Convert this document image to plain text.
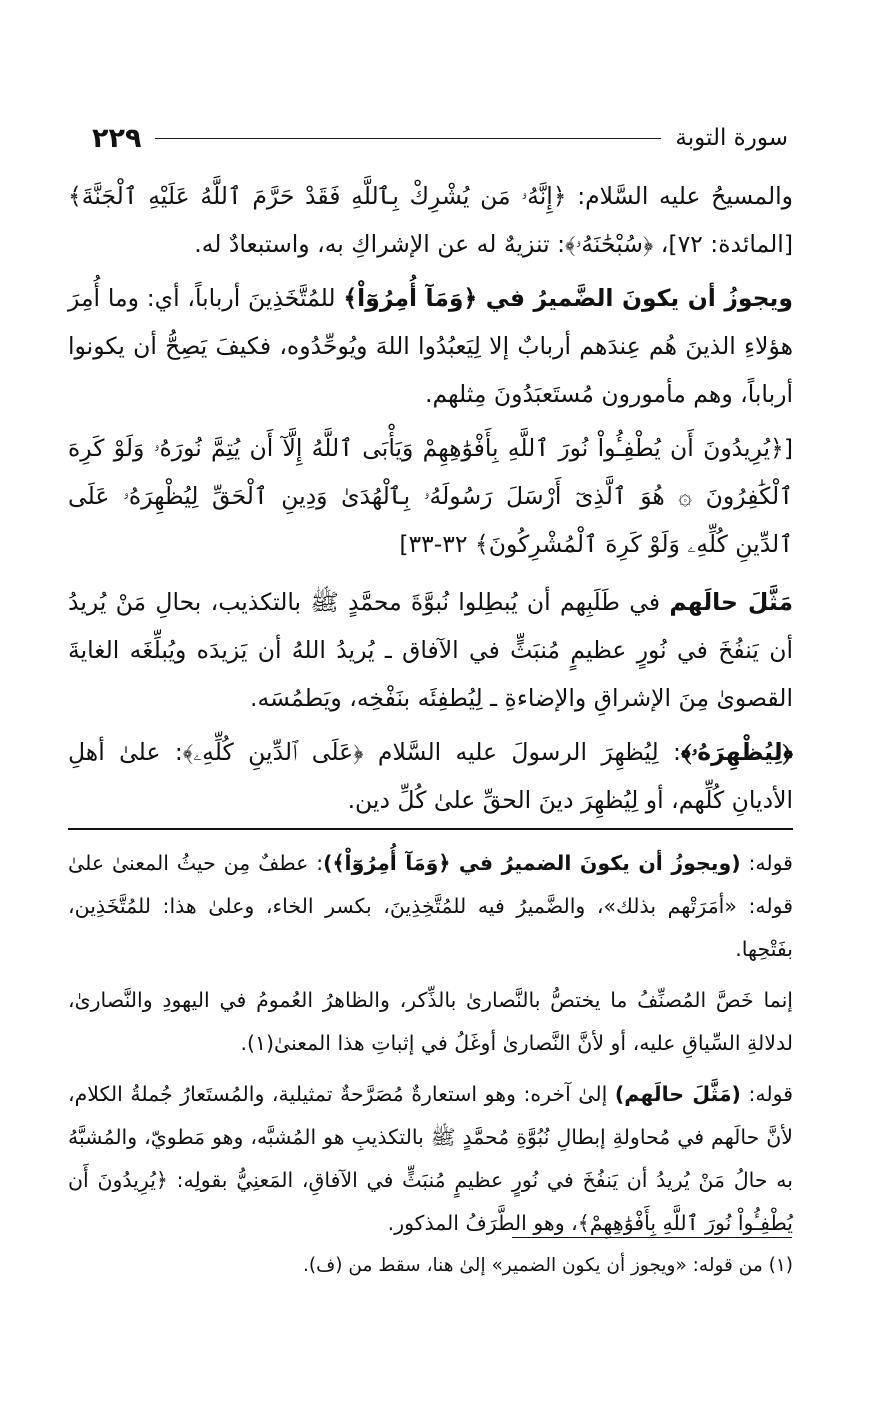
سورة التوبة
٢٢٩

والمسيحُ عليه السَّلام: ﴿إِنَّهُۥ مَن يُشْرِكْ بِٱللَّهِ فَقَدْ حَرَّمَ ٱللَّهُ عَلَيْهِ ٱلْجَنَّةَ﴾ [المائدة: ٧٢]، ﴿سُبْحَٰنَهُۥ﴾: تنزيهٌ له عن الإشراكِ به، واستبعادٌ له.

ويجوزُ أن يكونَ الضَّميرُ في ﴿وَمَآ أُمِرُوٓاْ﴾ للمُتَّخَذِينَ أرباباً، أي: وما أُمِرَ هؤلاءِ الذينَ هُم عِندَهم أربابٌ إلا لِيَعبُدُوا اللهَ ويُوحِّدُوه، فكيفَ يَصِحُّ أن يكونوا أرباباً، وهم مأمورون مُستَعبَدُونَ مِثلهم.

[﴿يُرِيدُونَ أَن يُطْفِـُٔواْ نُورَ ٱللَّهِ بِأَفْوَٰهِهِمْ وَيَأْبَى ٱللَّهُ إِلَّآ أَن يُتِمَّ نُورَهُۥ وَلَوْ كَرِهَ ٱلْكَٰفِرُونَ ۞ هُوَ ٱلَّذِىٓ أَرْسَلَ رَسُولَهُۥ بِٱلْهُدَىٰ وَدِينِ ٱلْحَقِّ لِيُظْهِرَهُۥ عَلَى ٱلدِّينِ كُلِّهِۦ وَلَوْ كَرِهَ ٱلْمُشْرِكُونَ﴾ ٣٢-٣٣]

مَثَّلَ حالَهم في طَلَبِهم أن يُبطِلوا نُبوَّةَ محمَّدٍ ﷺ بالتكذيب، بحالِ مَنْ يُريدُ أن يَنفُخَ في نُورٍ عظيمٍ مُنبَثٍّ في الآفاق ـ يُريدُ اللهُ أن يَزيدَه ويُبلِّغَه الغايةَ القصوىٰ مِنَ الإشراقِ والإضاءةِ ـ لِيُطفِئَه بنَفْخِه، ويَطمُسَه.

﴿لِيُظْهِرَهُۥ﴾: لِيُظهِرَ الرسولَ عليه السَّلام ﴿عَلَى ٱلدِّينِ كُلِّهِۦ﴾: علىٰ أهلِ الأديانِ كُلِّهم، أو لِيُظهِرَ دينَ الحقِّ علىٰ كُلِّ دين.

قوله: (ويجوزُ أن يكونَ الضميرُ في ﴿وَمَآ أُمِرُوٓاْ﴾): عطفٌ مِن حيثُ المعنىٰ علىٰ قوله: «أمَرَتْهم بذلك»، والضَّميرُ فيه للمُتَّخِذِينَ، بكسر الخاء، وعلىٰ هذا: للمُتَّخَذِين، بفَتْحِها.

إنما خَصَّ المُصنِّفُ ما يختصُّ بالنَّصارىٰ بالذِّكر، والظاهرُ العُمومُ في اليهودِ والنَّصارىٰ، لدلالةِ السِّياقِ عليه، أو لأنَّ النَّصارىٰ أوغَلُ في إثباتِ هذا المعنىٰ(١).

قوله: (مَثَّلَ حالَهم) إلىٰ آخره: وهو استعارةٌ مُصَرَّحةٌ تمثيلية، والمُستَعارُ جُملةُ الكلام، لأنَّ حالَهم في مُحاولةِ إبطالِ نُبُوَّةِ مُحمَّدٍ ﷺ بالتكذيبِ هو المُشبَّه، وهو مَطويّ، والمُشبَّهُ به حالُ مَنْ يُريدُ أن يَنفُخَ في نُورٍ عظيمٍ مُنبَثٍّ في الآفاقِ، المَعنِيُّ بقولِه: ﴿يُرِيدُونَ أَن يُطْفِـُٔواْ نُورَ ٱللَّهِ بِأَفْوَٰهِهِمْ﴾، وهو الطَّرَفُ المذكور.

(١) من قوله: «ويجوز أن يكون الضمير» إلىٰ هنا، سقط من (ف).
